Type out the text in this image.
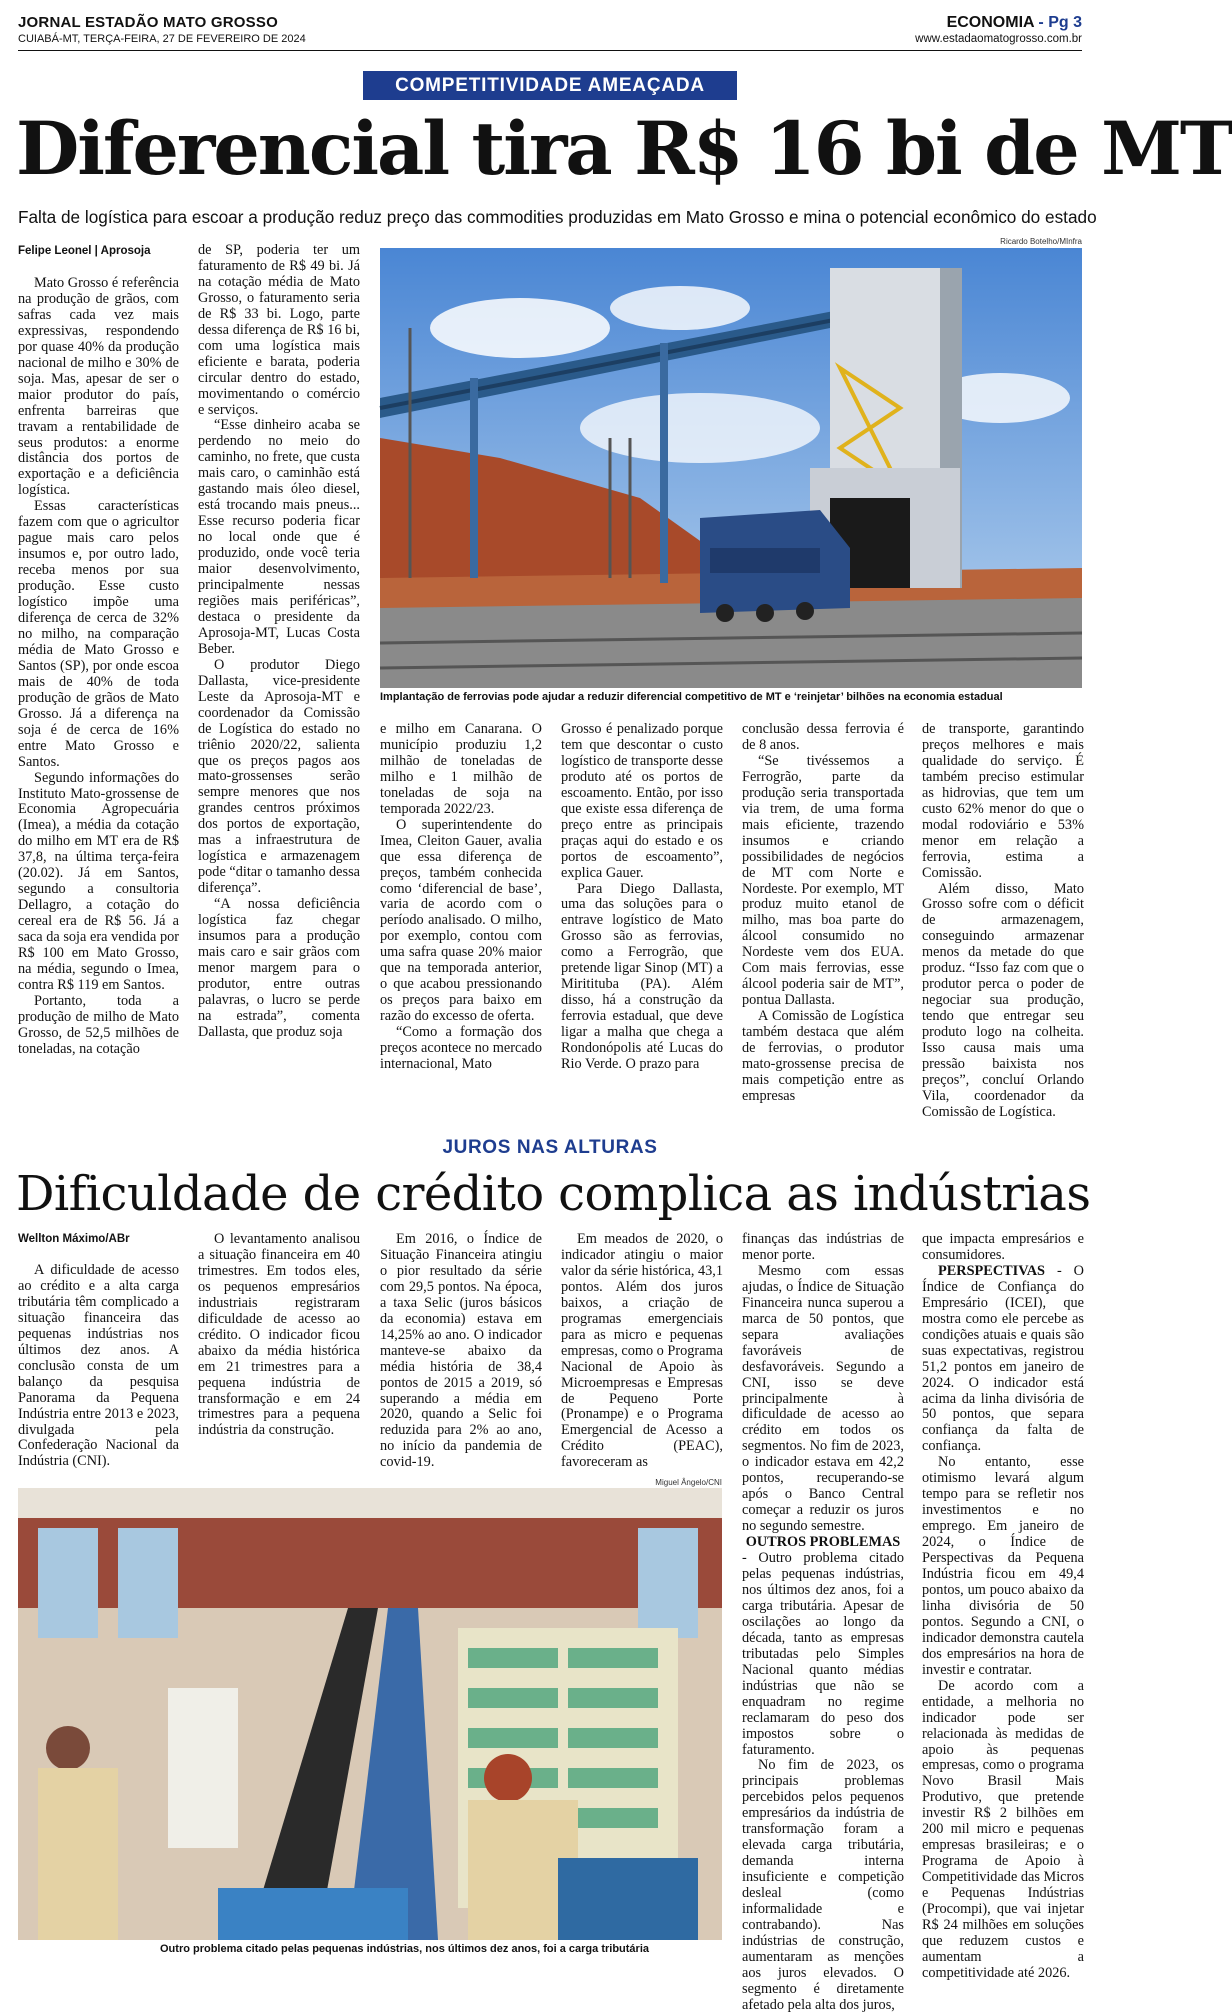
JORNAL ESTADÃO MATO GROSSO
CUIABÁ-MT, TERÇA-FEIRA, 27 DE FEVEREIRO DE 2024
ECONOMIA - Pg 3
www.estadaomatogrosso.com.br
COMPETITIVIDADE AMEAÇADA
Diferencial tira R$ 16 bi de MT
Falta de logística para escoar a produção reduz preço das commodities produzidas em Mato Grosso e mina o potencial econômico do estado
Felipe Leonel | Aprosoja
Ricardo Botelho/MInfra

Mato Grosso é referência na produção de grãos, com safras cada vez mais expressivas, respondendo por quase 40% da produção nacional de milho e 30% de soja. Mas, apesar de ser o maior produtor do país, enfrenta barreiras que travam a rentabilidade de seus produtos: a enorme distância dos portos de exportação e a deficiência logística.

Essas características fazem com que o agricultor pague mais caro pelos insumos e, por outro lado, receba menos por sua produção. Esse custo logístico impõe uma diferença de cerca de 32% no milho, na comparação média de Mato Grosso e Santos (SP), por onde escoa mais de 40% de toda produção de grãos de Mato Grosso. Já a diferença na soja é de cerca de 16% entre Mato Grosso e Santos.

Segundo informações do Instituto Mato-grossense de Economia Agropecuária (Imea), a média da cotação do milho em MT era de R$ 37,8, na última terça-feira (20.02). Já em Santos, segundo a consultoria Dellagro, a cotação do cereal era de R$ 56. Já a saca da soja era vendida por R$ 100 em Mato Grosso, na média, segundo o Imea, contra R$ 119 em Santos.

Portanto, toda a produção de milho de Mato Grosso, de 52,5 milhões de toneladas, na cotação

de SP, poderia ter um faturamento de R$ 49 bi. Já na cotação média de Mato Grosso, o faturamento seria de R$ 33 bi. Logo, parte dessa diferença de R$ 16 bi, com uma logística mais eficiente e barata, poderia circular dentro do estado, movimentando o comércio e serviços.

“Esse dinheiro acaba se perdendo no meio do caminho, no frete, que custa mais caro, o caminhão está gastando mais óleo diesel, está trocando mais pneus... Esse recurso poderia ficar no local onde que é produzido, onde você teria maior desenvolvimento, principalmente nessas regiões mais periféricas”, destaca o presidente da Aprosoja-MT, Lucas Costa Beber.

O produtor Diego Dallasta, vice-presidente Leste da Aprosoja-MT e coordenador da Comissão de Logística do estado no triênio 2020/22, salienta que os preços pagos aos mato-grossenses serão sempre menores que nos grandes centros próximos dos portos de exportação, mas a infraestrutura de logística e armazenagem pode “ditar o tamanho dessa diferença”.

“A nossa deficiência logística faz chegar insumos para a produção mais caro e sair grãos com menor margem para o produtor, entre outras palavras, o lucro se perde na estrada”, comenta Dallasta, que produz soja

Implantação de ferrovias pode ajudar a reduzir diferencial competitivo de MT e ‘reinjetar’ bilhões na economia estadual

e milho em Canarana. O município produziu 1,2 milhão de toneladas de milho e 1 milhão de toneladas de soja na temporada 2022/23.

O superintendente do Imea, Cleiton Gauer, avalia que essa diferença de preços, também conhecida como ‘diferencial de base’, varia de acordo com o período analisado. O milho, por exemplo, contou com uma safra quase 20% maior que na temporada anterior, o que acabou pressionando os preços para baixo em razão do excesso de oferta.

“Como a formação dos preços acontece no mercado internacional, Mato

Grosso é penalizado porque tem que descontar o custo logístico de transporte desse produto até os portos de escoamento. Então, por isso que existe essa diferença de preço entre as principais praças aqui do estado e os portos de escoamento”, explica Gauer.

Para Diego Dallasta, uma das soluções para o entrave logístico de Mato Grosso são as ferrovias, como a Ferrogrão, que pretende ligar Sinop (MT) a Miritituba (PA). Além disso, há a construção da ferrovia estadual, que deve ligar a malha que chega a Rondonópolis até Lucas do Rio Verde. O prazo para

conclusão dessa ferrovia é de 8 anos.

“Se tivéssemos a Ferrogrão, parte da produção seria transportada via trem, de uma forma mais eficiente, trazendo insumos e criando possibilidades de negócios de MT com Norte e Nordeste. Por exemplo, MT produz muito etanol de milho, mas boa parte do álcool consumido no Nordeste vem dos EUA. Com mais ferrovias, esse álcool poderia sair de MT”, pontua Dallasta.

A Comissão de Logística também destaca que além de ferrovias, o produtor mato-grossense precisa de mais competição entre as empresas

de transporte, garantindo preços melhores e mais qualidade do serviço. É também preciso estimular as hidrovias, que tem um custo 62% menor do que o modal rodoviário e 53% menor em relação a ferrovia, estima a Comissão.

Além disso, Mato Grosso sofre com o déficit de armazenagem, conseguindo armazenar menos da metade do que produz. “Isso faz com que o produtor perca o poder de negociar sua produção, tendo que entregar seu produto logo na colheita. Isso causa mais uma pressão baixista nos preços”, concluí Orlando Vila, coordenador da Comissão de Logística.

JUROS NAS ALTURAS
Dificuldade de crédito complica as indústrias
Wellton Máximo/ABr

A dificuldade de acesso ao crédito e a alta carga tributária têm complicado a situação financeira das pequenas indústrias nos últimos dez anos. A conclusão consta de um balanço da pesquisa Panorama da Pequena Indústria entre 2013 e 2023, divulgada pela Confederação Nacional da Indústria (CNI).

O levantamento analisou a situação financeira em 40 trimestres. Em todos eles, os pequenos empresários industriais registraram dificuldade de acesso ao crédito. O indicador ficou abaixo da média histórica em 21 trimestres para a pequena indústria de transformação e em 24 trimestres para a pequena indústria da construção.

Em 2016, o Índice de Situação Financeira atingiu o pior resultado da série com 29,5 pontos. Na época, a taxa Selic (juros básicos da economia) estava em 14,25% ao ano. O indicador manteve-se abaixo da média história de 38,4 pontos de 2015 a 2019, só superando a média em 2020, quando a Selic foi reduzida para 2% ao ano, no início da pandemia de covid-19.

Em meados de 2020, o indicador atingiu o maior valor da série histórica, 43,1 pontos. Além dos juros baixos, a criação de programas emergenciais para as micro e pequenas empresas, como o Programa Nacional de Apoio às Microempresas e Empresas de Pequeno Porte (Pronampe) e o Programa Emergencial de Acesso a Crédito (PEAC), favoreceram as

Miguel Ângelo/CNI

finanças das indústrias de menor porte.

Mesmo com essas ajudas, o Índice de Situação Financeira nunca superou a marca de 50 pontos, que separa avaliações favoráveis de desfavoráveis. Segundo a CNI, isso se deve principalmente à dificuldade de acesso ao crédito em todos os segmentos. No fim de 2023, o indicador estava em 42,2 pontos, recuperando-se após o Banco Central começar a reduzir os juros no segundo semestre.

OUTROS PROBLEMAS

- Outro problema citado pelas pequenas indústrias, nos últimos dez anos, foi a carga tributária. Apesar de oscilações ao longo da década, tanto as empresas tributadas pelo Simples Nacional quanto médias indústrias que não se enquadram no regime reclamaram do peso dos impostos sobre o faturamento.

No fim de 2023, os principais problemas percebidos pelos pequenos empresários da indústria de transformação foram a elevada carga tributária, demanda interna insuficiente e competição desleal (como informalidade e contrabando). Nas indústrias de construção, aumentaram as menções aos juros elevados. O segmento é diretamente afetado pela alta dos juros,

que impacta empresários e consumidores.

PERSPECTIVAS - O Índice de Confiança do Empresário (ICEI), que mostra como ele percebe as condições atuais e quais são suas expectativas, registrou 51,2 pontos em janeiro de 2024. O indicador está acima da linha divisória de 50 pontos, que separa confiança da falta de confiança.

No entanto, esse otimismo levará algum tempo para se refletir nos investimentos e no emprego. Em janeiro de 2024, o Índice de Perspectivas da Pequena Indústria ficou em 49,4 pontos, um pouco abaixo da linha divisória de 50 pontos. Segundo a CNI, o indicador demonstra cautela dos empresários na hora de investir e contratar.

De acordo com a entidade, a melhoria no indicador pode ser relacionada às medidas de apoio às pequenas empresas, como o programa Novo Brasil Mais Produtivo, que pretende investir R$ 2 bilhões em 200 mil micro e pequenas empresas brasileiras; e o Programa de Apoio à Competitividade das Micros e Pequenas Indústrias (Procompi), que vai injetar R$ 24 milhões em soluções que reduzem custos e aumentam a competitividade até 2026.

Outro problema citado pelas pequenas indústrias, nos últimos dez anos, foi a carga tributária
